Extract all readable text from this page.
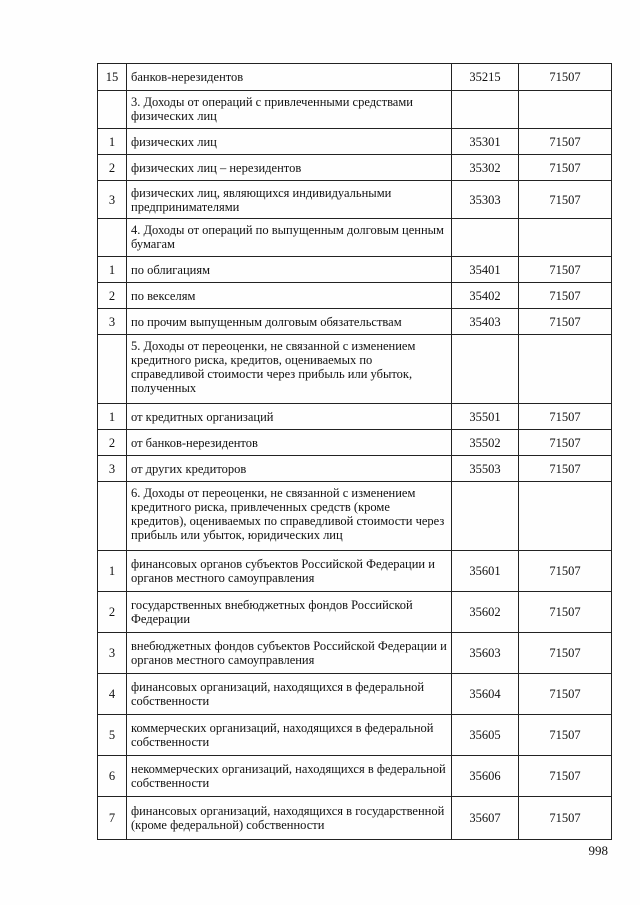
15	банков-нерезидентов	35215	71507
	3. Доходы от операций с привлеченными средствами физических лиц		
1	физических лиц	35301	71507
2	физических лиц – нерезидентов	35302	71507
3	физических лиц, являющихся индивидуальными предпринимателями	35303	71507
	4. Доходы от операций по выпущенным долговым ценным бумагам		
1	по облигациям	35401	71507
2	по векселям	35402	71507
3	по прочим выпущенным долговым обязательствам	35403	71507
	5. Доходы от переоценки, не связанной с изменением кредитного риска, кредитов, оцениваемых по справедливой стоимости через прибыль или убыток, полученных		
1	от кредитных организаций	35501	71507
2	от банков-нерезидентов	35502	71507
3	от других кредиторов	35503	71507
	6. Доходы от переоценки, не связанной с изменением кредитного риска, привлеченных средств (кроме кредитов), оцениваемых по справедливой стоимости через прибыль или убыток, юридических лиц		
1	финансовых органов субъектов Российской Федерации и органов местного самоуправления	35601	71507
2	государственных внебюджетных фондов Российской Федерации	35602	71507
3	внебюджетных фондов субъектов Российской Федерации и органов местного самоуправления	35603	71507
4	финансовых организаций, находящихся в федеральной собственности	35604	71507
5	коммерческих организаций, находящихся в федеральной собственности	35605	71507
6	некоммерческих организаций, находящихся в федеральной собственности	35606	71507
7	финансовых организаций, находящихся в государственной (кроме федеральной) собственности	35607	71507
998
